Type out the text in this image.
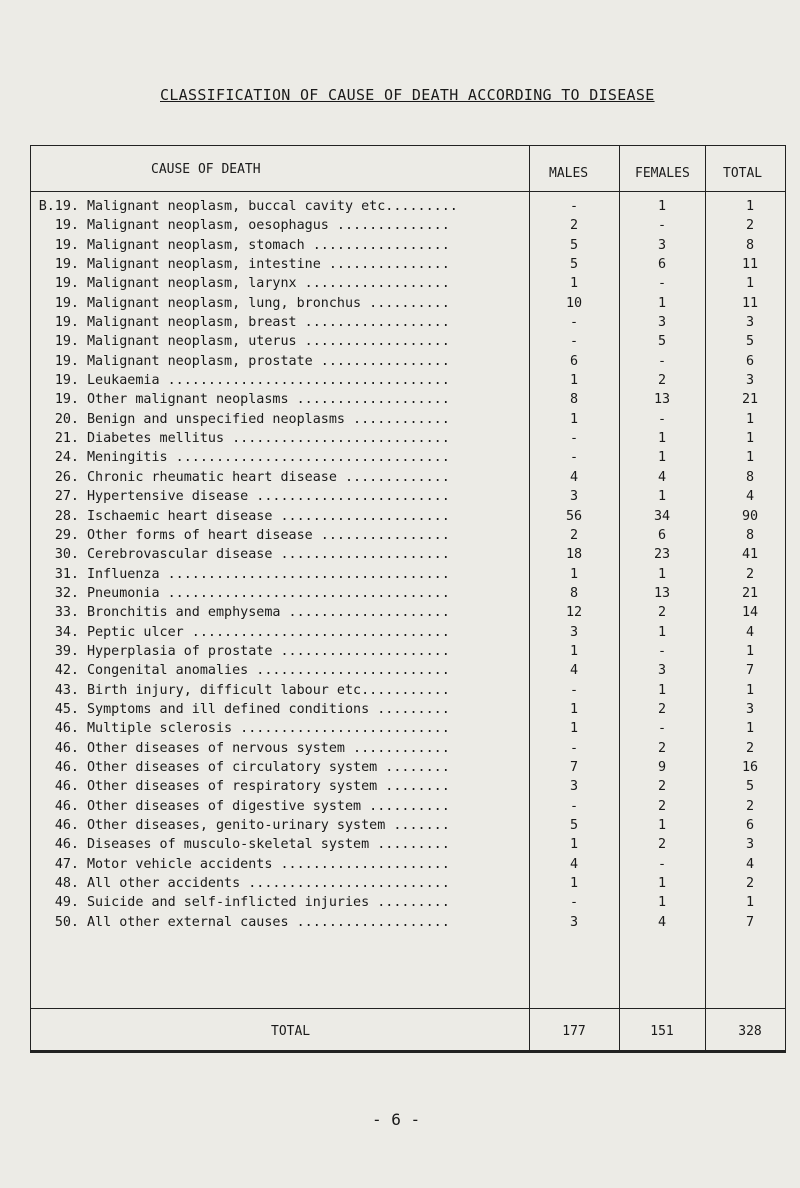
CLASSIFICATION OF CAUSE OF DEATH ACCORDING TO DISEASE
CAUSE OF DEATH	MALES	FEMALES	TOTAL
B.19. Malignant neoplasm, buccal cavity etc.........	-	1	1
19. Malignant neoplasm, oesophagus ..............	2	-	2
19. Malignant neoplasm, stomach .................	5	3	8
19. Malignant neoplasm, intestine ...............	5	6	11
19. Malignant neoplasm, larynx ..................	1	-	1
19. Malignant neoplasm, lung, bronchus ..........	10	1	11
19. Malignant neoplasm, breast ..................	-	3	3
19. Malignant neoplasm, uterus ..................	-	5	5
19. Malignant neoplasm, prostate ................	6	-	6
19. Leukaemia ...................................	1	2	3
19. Other malignant neoplasms ...................	8	13	21
20. Benign and unspecified neoplasms ............	1	-	1
21. Diabetes mellitus ...........................	-	1	1
24. Meningitis ..................................	-	1	1
26. Chronic rheumatic heart disease .............	4	4	8
27. Hypertensive disease ........................	3	1	4
28. Ischaemic heart disease .....................	56	34	90
29. Other forms of heart disease ................	2	6	8
30. Cerebrovascular disease .....................	18	23	41
31. Influenza ...................................	1	1	2
32. Pneumonia ...................................	8	13	21
33. Bronchitis and emphysema ....................	12	2	14
34. Peptic ulcer ................................	3	1	4
39. Hyperplasia of prostate .....................	1	-	1
42. Congenital anomalies ........................	4	3	7
43. Birth injury, difficult labour etc...........	-	1	1
45. Symptoms and ill defined conditions .........	1	2	3
46. Multiple sclerosis ..........................	1	-	1
46. Other diseases of nervous system ............	-	2	2
46. Other diseases of circulatory system ........	7	9	16
46. Other diseases of respiratory system ........	3	2	5
46. Other diseases of digestive system ..........	-	2	2
46. Other diseases, genito-urinary system .......	5	1	6
46. Diseases of musculo-skeletal system .........	1	2	3
47. Motor vehicle accidents .....................	4	-	4
48. All other accidents .........................	1	1	2
49. Suicide and self-inflicted injuries .........	-	1	1
50. All other external causes ...................	3	4	7
TOTAL	177	151	328
- 6 -
